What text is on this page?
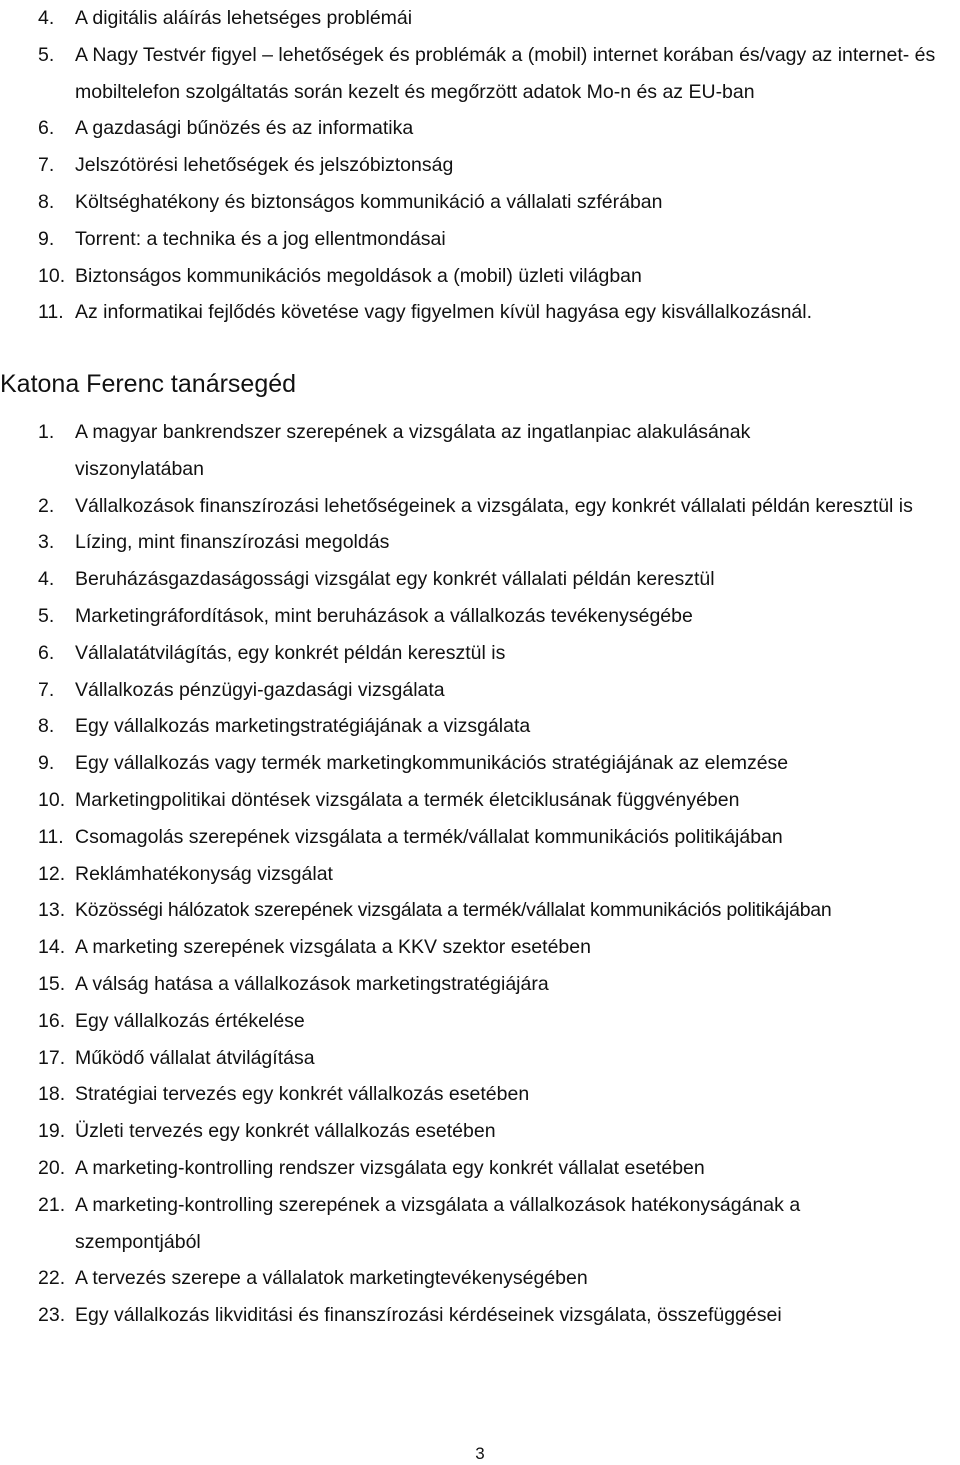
4. A digitális aláírás lehetséges problémái
5. A Nagy Testvér figyel – lehetőségek és problémák a (mobil) internet korában és/vagy az internet- és mobiltelefon szolgáltatás során kezelt és megőrzött adatok Mo-n és az EU-ban
6. A gazdasági bűnözés és az informatika
7. Jelszótörési lehetőségek és jelszóbiztonság
8. Költséghatékony és biztonságos kommunikáció a vállalati szférában
9. Torrent: a technika és a jog ellentmondásai
10. Biztonságos kommunikációs megoldások a (mobil) üzleti világban
11. Az informatikai fejlődés követése vagy figyelmen kívül hagyása egy kisvállalkozásnál.
Katona Ferenc tanársegéd
1. A magyar bankrendszer szerepének a vizsgálata az ingatlanpiac alakulásának viszonylatában
2. Vállalkozások finanszírozási lehetőségeinek a vizsgálata, egy konkrét vállalati példán keresztül is
3. Lízing, mint finanszírozási megoldás
4. Beruházásgazdaságossági vizsgálat egy konkrét vállalati példán keresztül
5. Marketingráfordítások, mint beruházások a vállalkozás tevékenységébe
6. Vállalatátvilágítás, egy konkrét példán keresztül is
7. Vállalkozás pénzügyi-gazdasági vizsgálata
8. Egy vállalkozás marketingstratégiájának a vizsgálata
9. Egy vállalkozás vagy termék marketingkommunikációs stratégiájának az elemzése
10. Marketingpolitikai döntések vizsgálata a termék életciklusának függvényében
11. Csomagolás szerepének vizsgálata a termék/vállalat kommunikációs politikájában
12. Reklámhatékonyság vizsgálat
13. Közösségi hálózatok szerepének vizsgálata a termék/vállalat kommunikációs politikájában
14. A marketing szerepének vizsgálata a KKV szektor esetében
15. A válság hatása a vállalkozások marketingstratégiájára
16. Egy vállalkozás értékelése
17. Működő vállalat átvilágítása
18. Stratégiai tervezés egy konkrét vállalkozás esetében
19. Üzleti tervezés egy konkrét vállalkozás esetében
20. A marketing-kontrolling rendszer vizsgálata egy konkrét vállalat esetében
21. A marketing-kontrolling szerepének a vizsgálata a vállalkozások hatékonyságának a szempontjából
22. A tervezés szerepe a vállalatok marketingtevékenységében
23. Egy vállalkozás likviditási és finanszírozási kérdéseinek vizsgálata, összefüggései
3
